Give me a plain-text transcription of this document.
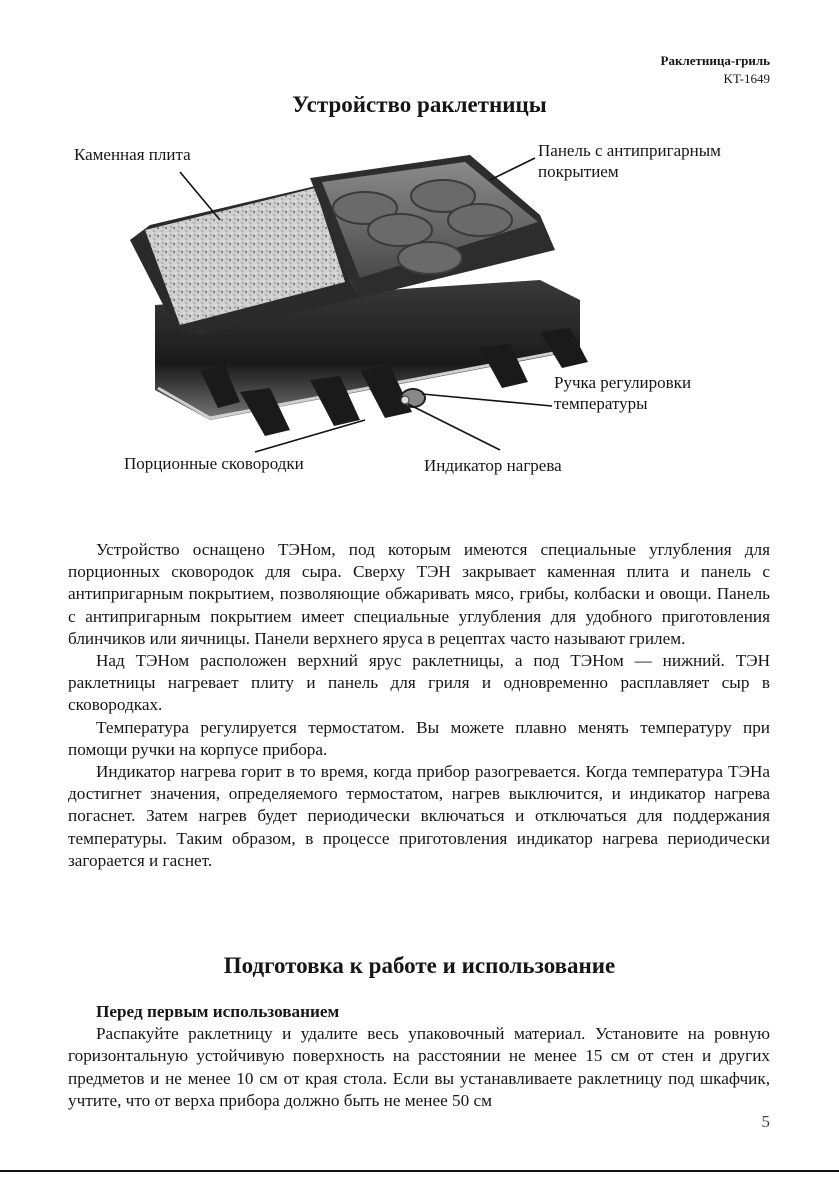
Раклетница-гриль
KT-1649
Устройство раклетницы
Каменная плита	Панель с антипригарным
покрытием
Ручка регулировки
температуры
Порционные сковородки	Индикатор нагрева

Устройство оснащено ТЭНом, под которым имеются специальные углубления для порционных сковородок для сыра. Сверху ТЭН закрывает каменная плита и панель с антипригарным покрытием, позволяющие обжаривать мясо, грибы, колбаски и овощи. Панель с антипригарным покрытием имеет специальные углубления для удобного приготовления блинчиков или яичницы. Панели верхнего яруса в рецептах часто называют грилем.

Над ТЭНом расположен верхний ярус раклетницы, а под ТЭНом — нижний. ТЭН раклетницы нагревает плиту и панель для гриля и одновременно расплавляет сыр в сковородках.

Температура регулируется термостатом. Вы можете плавно менять температуру при помощи ручки на корпусе прибора.

Индикатор нагрева горит в то время, когда прибор разогревается. Когда температура ТЭНа достигнет значения, определяемого термостатом, нагрев выключится, и индикатор нагрева погаснет. Затем нагрев будет периодически включаться и отключаться для поддержания температуры. Таким образом, в процессе приготовления индикатор нагрева периодически загорается и гаснет.

Подготовка к работе и использование

Перед первым использованием

Распакуйте раклетницу и удалите весь упаковочный материал. Установите на ровную горизонтальную устойчивую поверхность на расстоянии не менее 15 см от стен и других предметов и не менее 10 см от края стола. Если вы устанавливаете раклетницу под шкафчик, учтите, что от верха прибора должно быть не менее 50 см

5
